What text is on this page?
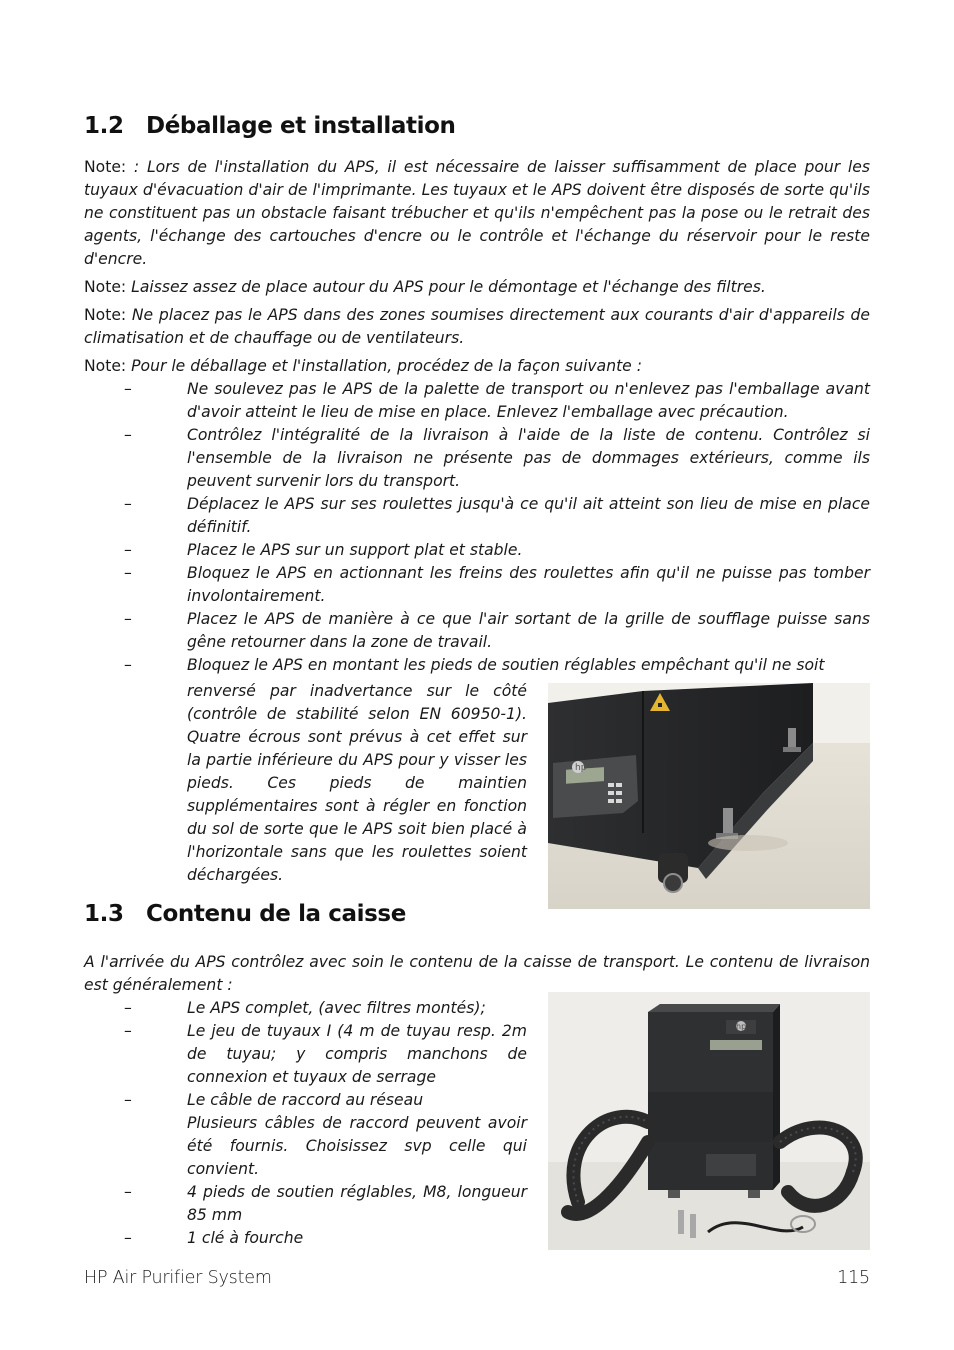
1.2 Déballage et installation

Note: : Lors de l'installation du APS, il est nécessaire de laisser suffisamment de place pour les tuyaux d'évacuation d'air de l'imprimante. Les tuyaux et le APS doivent être disposés de sorte qu'ils ne constituent pas un obstacle faisant trébucher et qu'ils n'empêchent pas la pose ou le retrait des agents, l'échange des cartouches d'encre ou le contrôle et l'échange du réservoir pour le reste d'encre.

Note: Laissez assez de place autour du APS pour le démontage et l'échange des filtres.

Note: Ne placez pas le APS dans des zones soumises directement aux courants d'air d'appareils de climatisation et de chauffage ou de ventilateurs.

Note: Pour le déballage et l'installation, procédez de la façon suivante :

–	Ne soulevez pas le APS de la palette de transport ou n'enlevez pas l'emballage avant d'avoir atteint le lieu de mise en place. Enlevez l'emballage avec précaution.
–	Contrôlez l'intégralité de la livraison à l'aide de la liste de contenu. Contrôlez si l'ensemble de la livraison ne présente pas de dommages extérieurs, comme ils peuvent survenir lors du transport.
–	Déplacez le APS sur ses roulettes jusqu'à ce qu'il ait atteint son lieu de mise en place définitif.
–	Placez le APS sur un support plat et stable.
–	Bloquez le APS en actionnant les freins des roulettes afin qu'il ne puisse pas tomber involontairement.
–	Placez le APS de manière à ce que l'air sortant de la grille de soufflage puisse sans gêne retourner dans la zone de travail.
–	Bloquez le APS en montant les pieds de soutien réglables empêchant qu'il ne soit

renversé par inadvertance sur le côté (contrôle de stabilité selon EN 60950-1). Quatre écrous sont prévus à cet effet sur la partie inférieure du APS pour y visser les pieds. Ces pieds de maintien supplémentaires sont à régler en fonction du sol de sorte que le APS soit bien placé à l'horizontale sans que les roulettes soient déchargées.

hp
1.3 Contenu de la caisse

A l'arrivée du APS contrôlez avec soin le contenu de la caisse de transport. Le contenu de livraison est généralement :

–	Le APS complet, (avec filtres montés);
–	Le jeu de tuyaux I (4 m de tuyau resp. 2m de tuyau; y compris manchons de connexion et tuyaux de serrage
–	Le câble de raccord au réseau
Plusieurs câbles de raccord peuvent avoir été fournis. Choisissez svp celle qui convient.
–	4 pieds de soutien réglables, M8, longueur 85 mm
–	1 clé à fourche
hp
HP Air Purifier System	115
